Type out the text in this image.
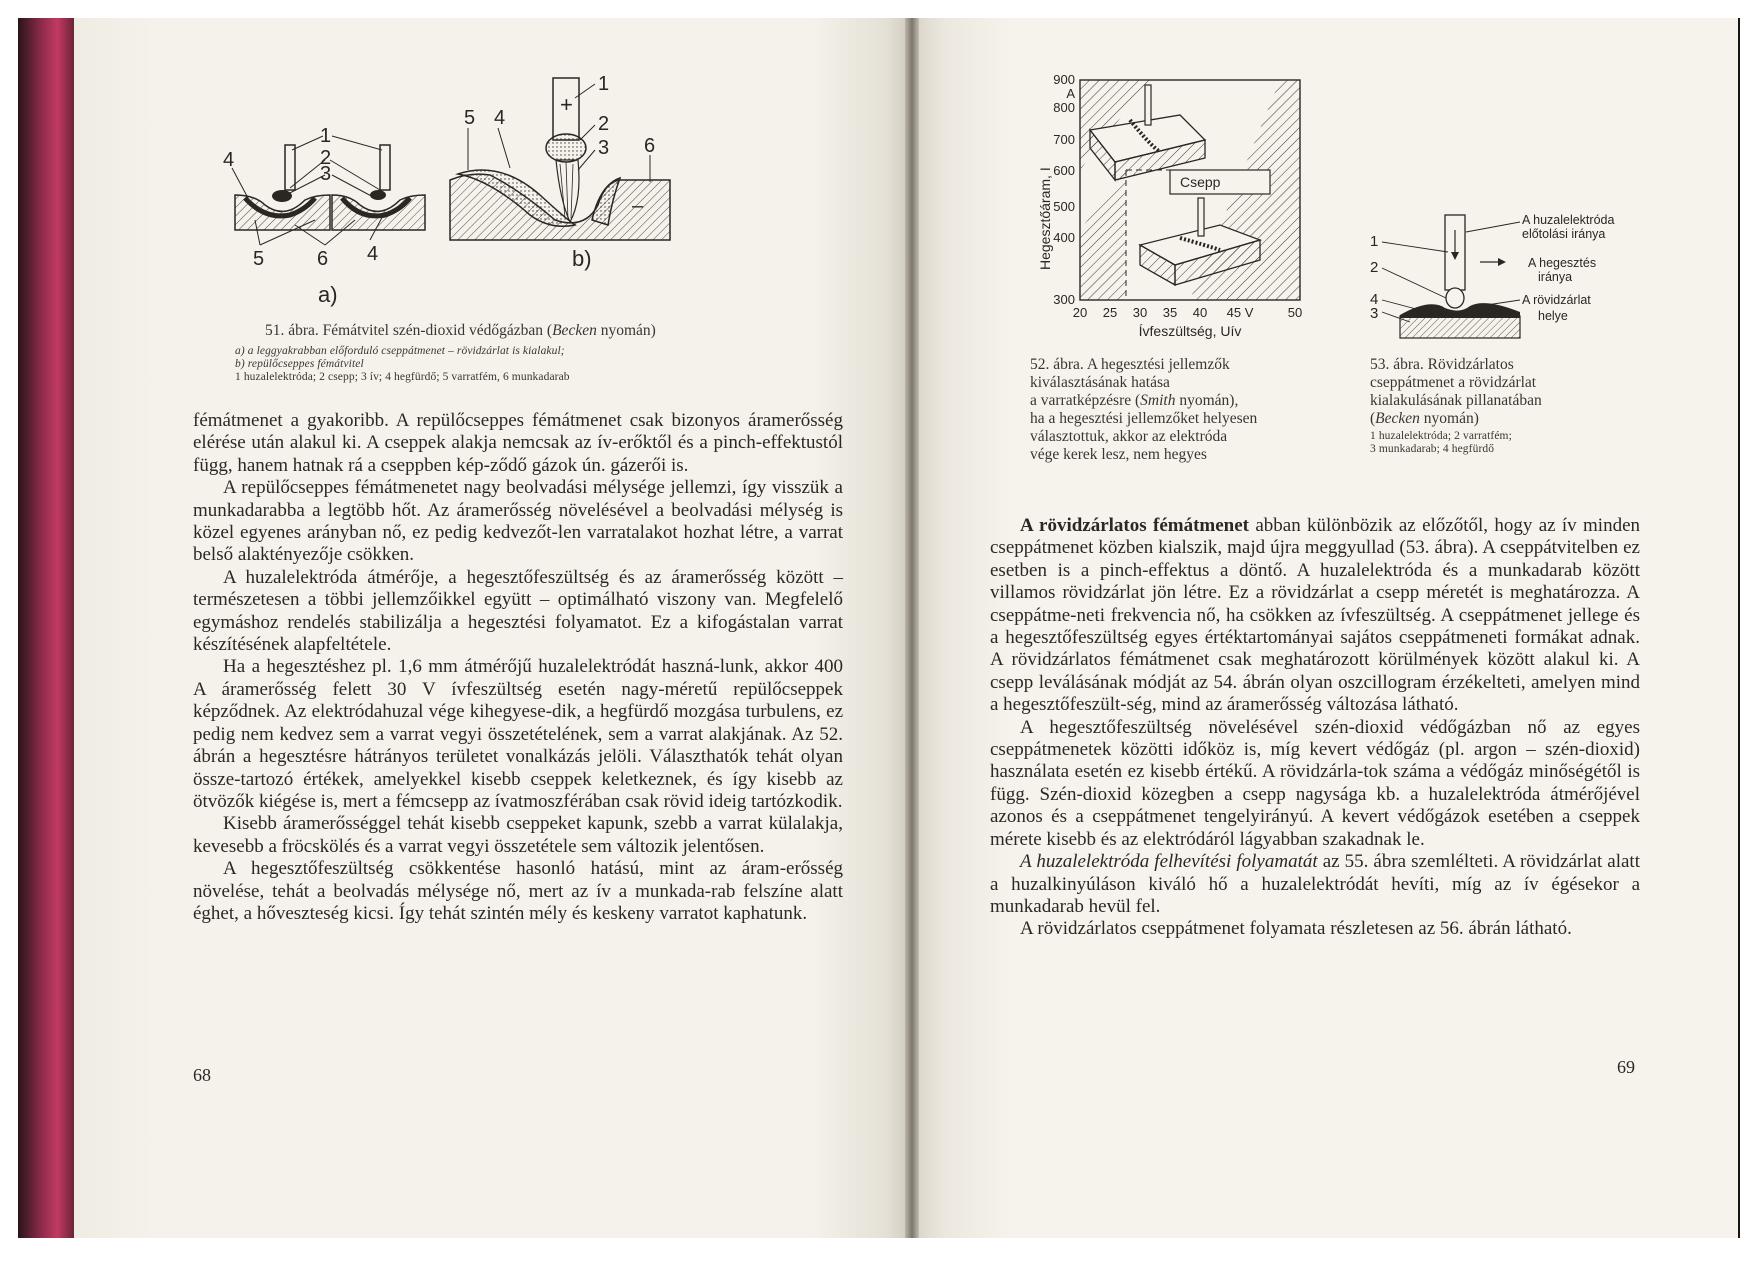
1
2
3
4
5	6 4
a)
1
+
5 4	2
3 6
–
b)
51. ábra. Fémátvitel szén-dioxid védőgázban (Becken nyomán)
a) a leggyakrabban előforduló cseppátmenet – rövidzárlat is kialakul;
b) repülőcseppes fémátvitel
1 huzalelektróda; 2 csepp; 3 ív; 4 hegfürdő; 5 varratfém, 6 munkadarab

fémátmenet a gyakoribb. A repülőcseppes fémátmenet csak bizonyos áramerősség elérése után alakul ki. A cseppek alakja nemcsak az ív-erőktől és a pinch-effektustól függ, hanem hatnak rá a cseppben kép-ződő gázok ún. gázerői is.

A repülőcseppes fémátmenetet nagy beolvadási mélysége jellemzi, így visszük a munkadarabba a legtöbb hőt. Az áramerősség növelésével a beolvadási mélység is közel egyenes arányban nő, ez pedig kedvezőt-len varratalakot hozhat létre, a varrat belső alaktényezője csökken.

A huzalelektróda átmérője, a hegesztőfeszültség és az áramerősség között – természetesen a többi jellemzőikkel együtt – optimálható viszony van. Megfelelő egymáshoz rendelés stabilizálja a hegesztési folyamatot. Ez a kifogástalan varrat készítésének alapfeltétele.

Ha a hegesztéshez pl. 1,6 mm átmérőjű huzalelektródát haszná-lunk, akkor 400 A áramerősség felett 30 V ívfeszültség esetén nagy-méretű repülőcseppek képződnek. Az elektródahuzal vége kihegyese-dik, a hegfürdő mozgása turbulens, ez pedig nem kedvez sem a varrat vegyi összetételének, sem a varrat alakjának. Az 52. ábrán a hegesztésre hátrányos területet vonalkázás jelöli. Választhatók tehát olyan össze-tartozó értékek, amelyekkel kisebb cseppek keletkeznek, és így kisebb az ötvözők kiégése is, mert a fémcsepp az ívatmoszférában csak rövid ideig tartózkodik.

Kisebb áramerősséggel tehát kisebb cseppeket kapunk, szebb a varrat külalakja, kevesebb a fröcskölés és a varrat vegyi összetétele sem változik jelentősen.

A hegesztőfeszültség csökkentése hasonló hatású, mint az áram-erősség növelése, tehát a beolvadás mélysége nő, mert az ív a munkada-rab felszíne alatt éghet, a hőveszteség kicsi. Így tehát szintén mély és keskeny varratot kaphatunk.

68
Csepp
900
A
800
700
600
500
400
300
Hegesztőáram, I
20 25 30 35 40 45 V	50
Ívfeszültség, Uív
52. ábra. A hegesztési jellemzők
kiválasztásának hatása
a varratképzésre (Smith nyomán),
ha a hegesztési jellemzőket helyesen
választottuk, akkor az elektróda
vége kerek lesz, nem hegyes
1
2
4
3
A huzalelektróda
előtolási iránya
A hegesztés
iránya
A rövidzárlat
helye
53. ábra. Rövidzárlatos
cseppátmenet a rövidzárlat
kialakulásának pillanatában
(Becken nyomán)
1 huzalelektróda; 2 varratfém;
3 munkadarab; 4 hegfürdő

A rövidzárlatos fémátmenet abban különbözik az előzőtől, hogy az ív minden cseppátmenet közben kialszik, majd újra meggyullad (53. ábra). A cseppátvitelben ez esetben is a pinch-effektus a döntő. A huzalelektróda és a munkadarab között villamos rövidzárlat jön létre. Ez a rövidzárlat a csepp méretét is meghatározza. A cseppátme-neti frekvencia nő, ha csökken az ívfeszültség. A cseppátmenet jellege és a hegesztőfeszültség egyes értéktartományai sajátos cseppátmeneti formákat adnak. A rövidzárlatos fémátmenet csak meghatározott körülmények között alakul ki. A csepp leválásának módját az 54. ábrán olyan oszcillogram érzékelteti, amelyen mind a hegesztőfeszült-ség, mind az áramerősség változása látható.

A hegesztőfeszültség növelésével szén-dioxid védőgázban nő az egyes cseppátmenetek közötti időköz is, míg kevert védőgáz (pl. argon – szén-dioxid) használata esetén ez kisebb értékű. A rövidzárla-tok száma a védőgáz minőségétől is függ. Szén-dioxid közegben a csepp nagysága kb. a huzalelektróda átmérőjével azonos és a cseppátmenet tengelyirányú. A kevert védőgázok esetében a cseppek mérete kisebb és az elektródáról lágyabban szakadnak le.

A huzalelektróda felhevítési folyamatát az 55. ábra szemlélteti. A rövidzárlat alatt a huzalkinyúláson kiváló hő a huzalelektródát hevíti, míg az ív égésekor a munkadarab hevül fel.

A rövidzárlatos cseppátmenet folyamata részletesen az 56. ábrán látható.

69
